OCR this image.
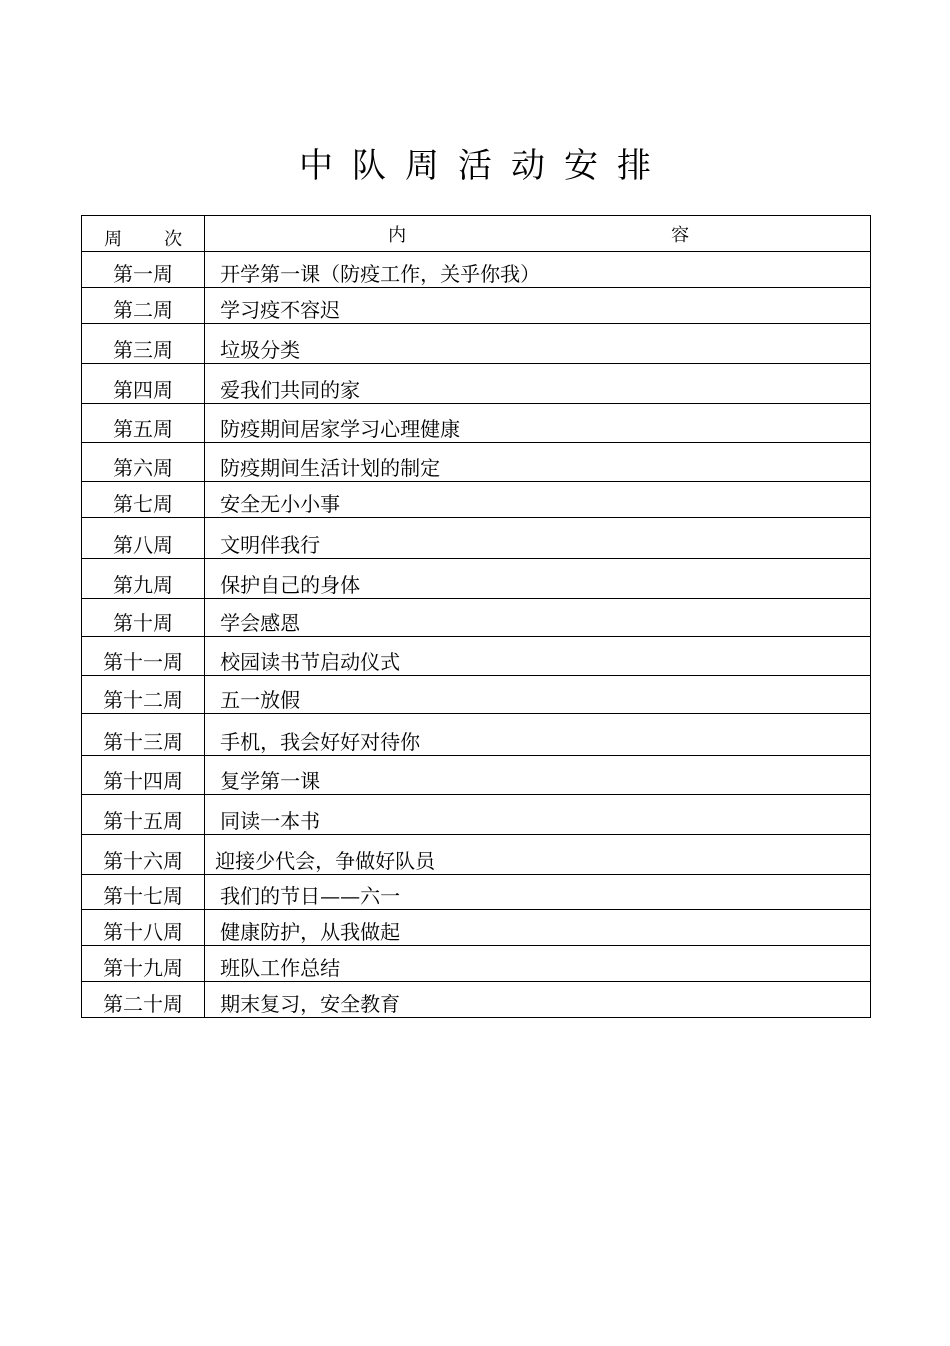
中 队 周 活 动 安 排
周 次	内 容

第一周	开学第一课（防疫工作，关乎你我）
第二周	学习疫不容迟
第三周	垃圾分类
第四周	爱我们共同的家
第五周	防疫期间居家学习心理健康
第六周	防疫期间生活计划的制定
第七周	安全无小小事
第八周	文明伴我行
第九周	保护自己的身体
第十周	学会感恩
第十一周	校园读书节启动仪式
第十二周	五一放假
第十三周	手机，我会好好对待你
第十四周	复学第一课
第十五周	同读一本书
第十六周	迎接少代会，争做好队员
第十七周	我们的节日——六一
第十八周	健康防护，从我做起
第十九周	班队工作总结
第二十周	期末复习，安全教育
